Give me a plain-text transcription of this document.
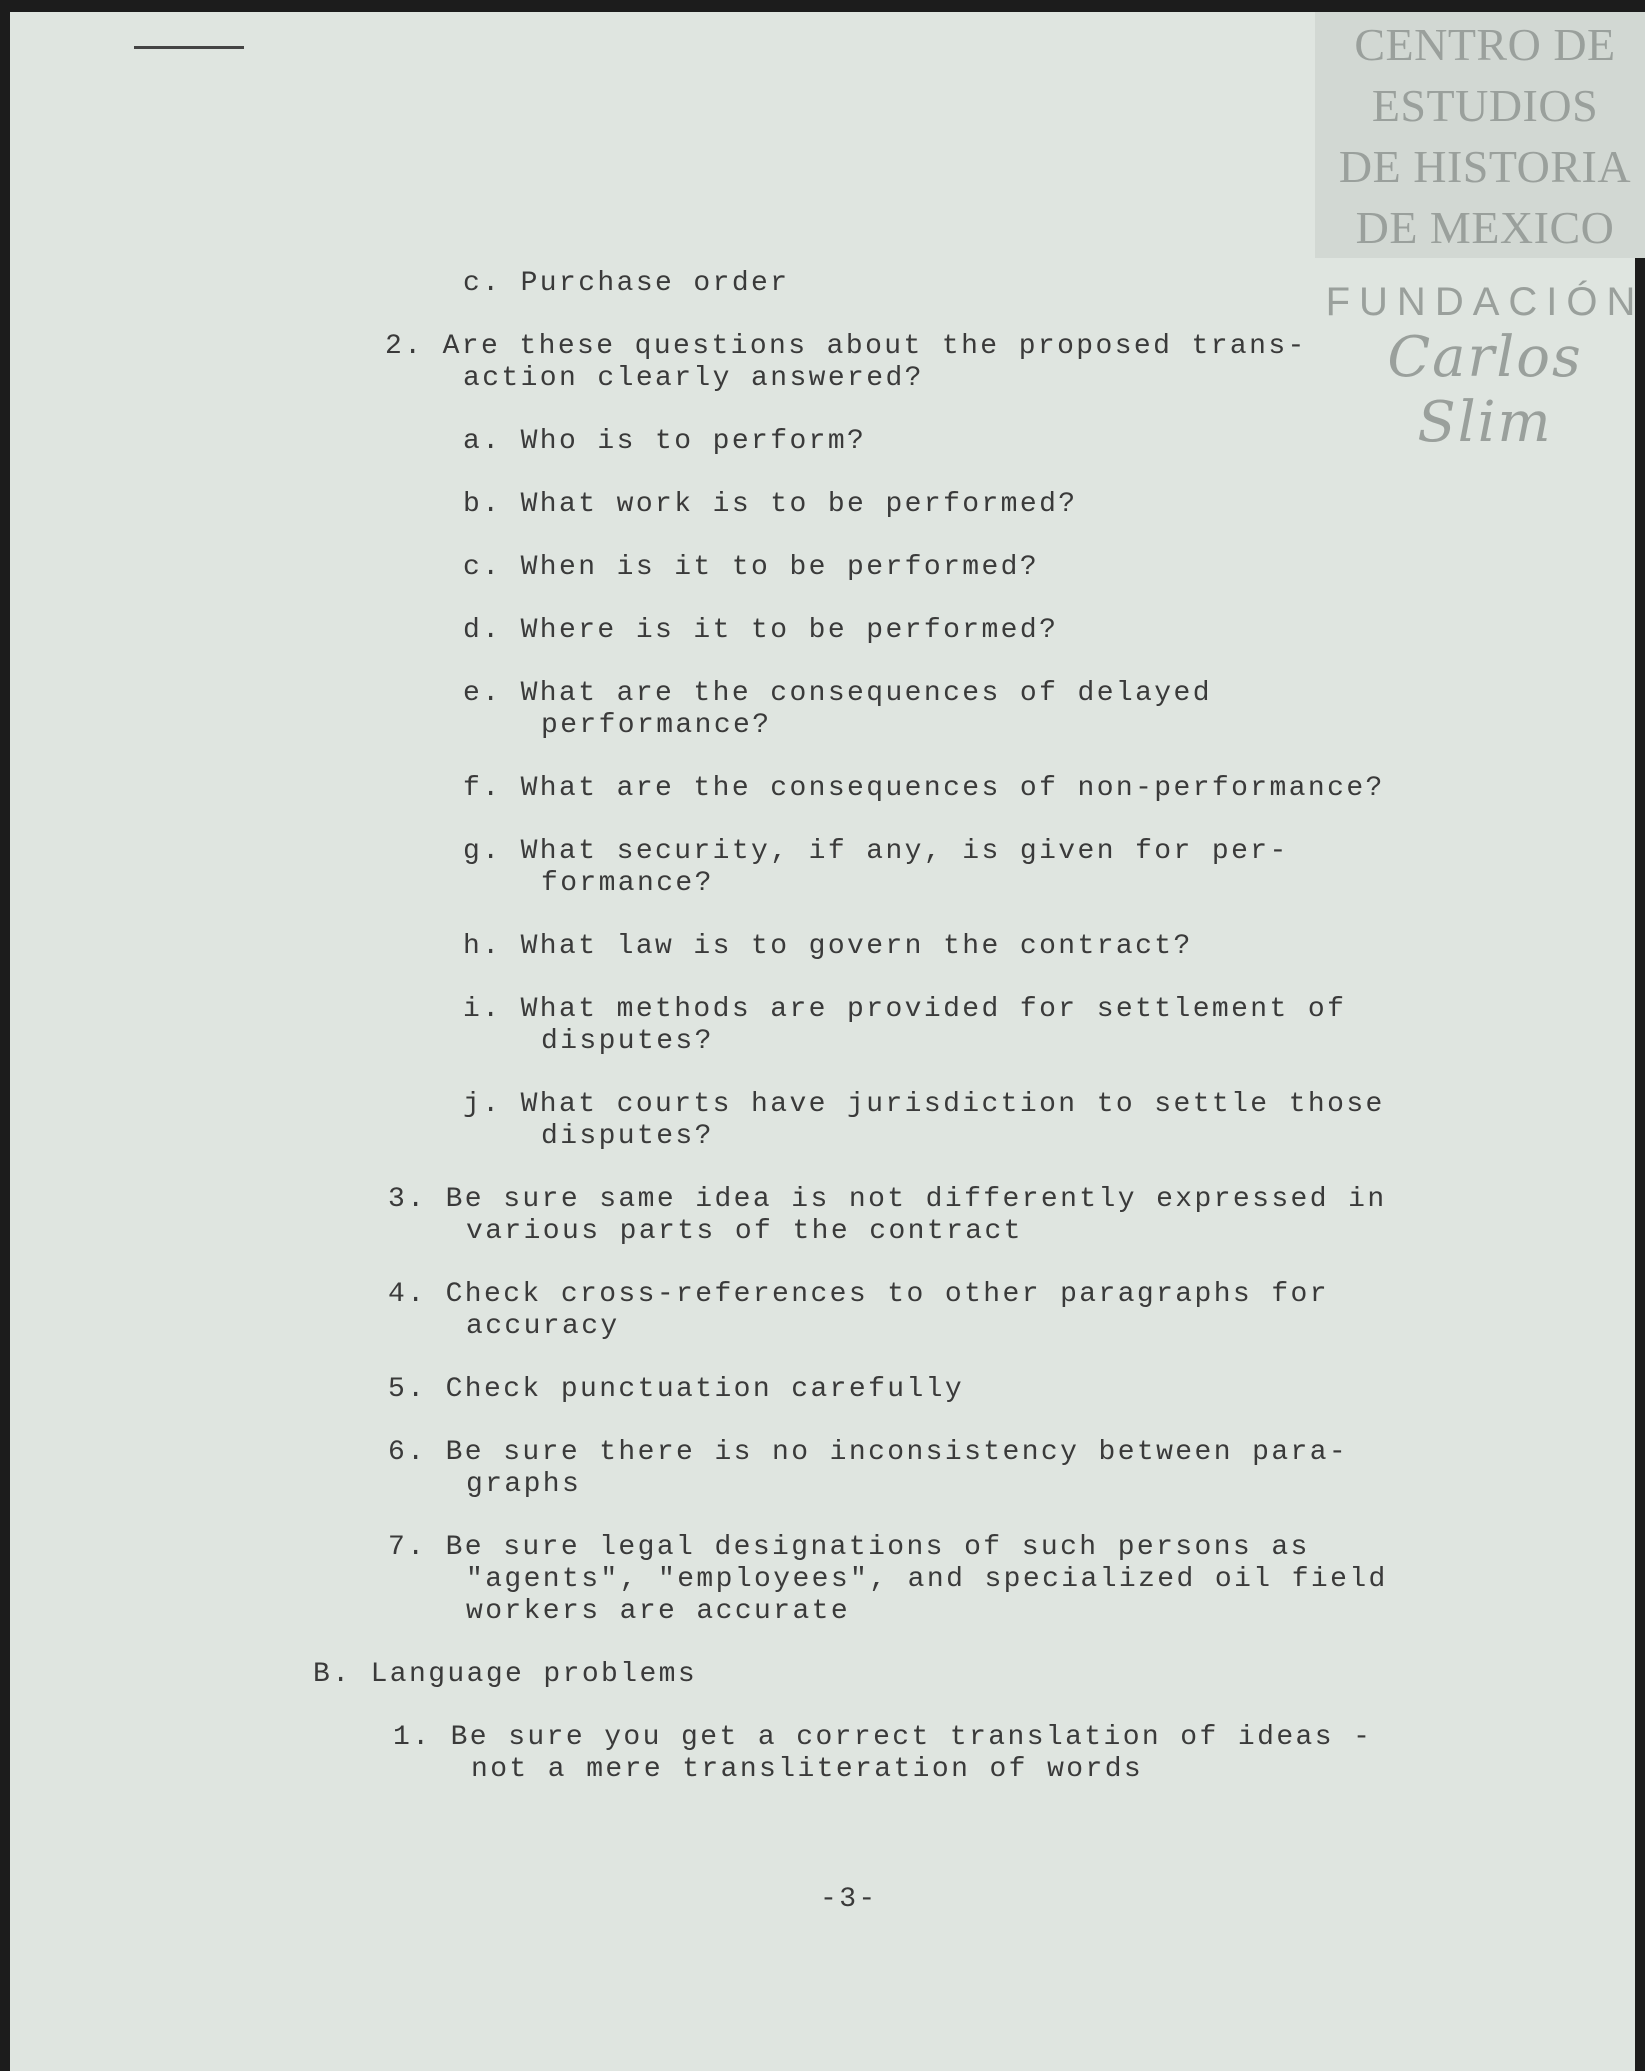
CENTRO DE
ESTUDIOS
DE HISTORIA
DE MEXICO
FUNDACIÓN
Carlos Slim
c. Purchase order
2. Are these questions about the proposed trans-
action clearly answered?
a. Who is to perform?
b. What work is to be performed?
c. When is it to be performed?
d. Where is it to be performed?
e. What are the consequences of delayed
performance?
f. What are the consequences of non-performance?
g. What security, if any, is given for per-
formance?
h. What law is to govern the contract?
i. What methods are provided for settlement of
disputes?
j. What courts have jurisdiction to settle those
disputes?
3. Be sure same idea is not differently expressed in
various parts of the contract
4. Check cross-references to other paragraphs for
accuracy
5. Check punctuation carefully
6. Be sure there is no inconsistency between para-
graphs
7. Be sure legal designations of such persons as
"agents", "employees", and specialized oil field
workers are accurate
B. Language problems
1. Be sure you get a correct translation of ideas -
not a mere transliteration of words
-3-
